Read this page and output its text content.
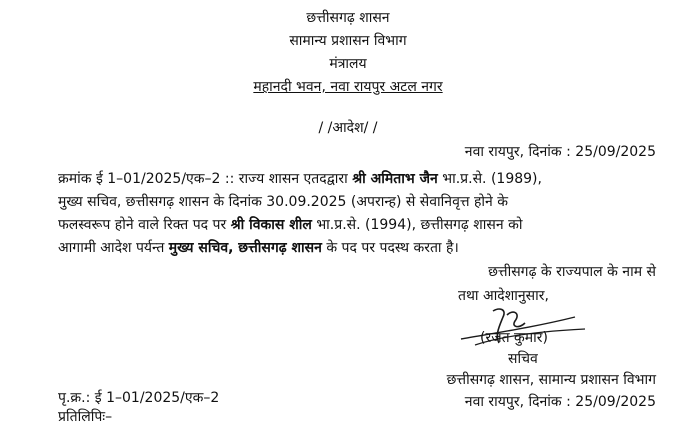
छत्तीसगढ़ शासन
सामान्य प्रशासन विभाग
मंत्रालय
महानदी भवन, नवा रायपुर अटल नगर
/ /आदेश/ /
नवा रायपुर, दिनांक : 25/09/2025
क्रमांक ई 1–01/2025/एक–2 :: राज्य शासन एतदद्वारा श्री अमिताभ जैन भा.प्र.से. (1989),
मुख्य सचिव, छत्तीसगढ़ शासन के दिनांक 30.09.2025 (अपरान्ह) से सेवानिवृत्त होने के
फलस्वरूप होने वाले रिक्त पद पर श्री विकास शील भा.प्र.से. (1994), छत्तीसगढ़ शासन को
आगामी आदेश पर्यन्त मुख्य सचिव, छत्तीसगढ़ शासन के पद पर पदस्थ करता है।
छत्तीसगढ़ के राज्यपाल के नाम से
तथा आदेशानुसार,
(रजत कुमार)
सचिव
छत्तीसगढ़ शासन, सामान्य प्रशासन विभाग
नवा रायपुर, दिनांक : 25/09/2025
पृ.क्र.: ई 1–01/2025/एक–2
प्रतिलिपिः–
